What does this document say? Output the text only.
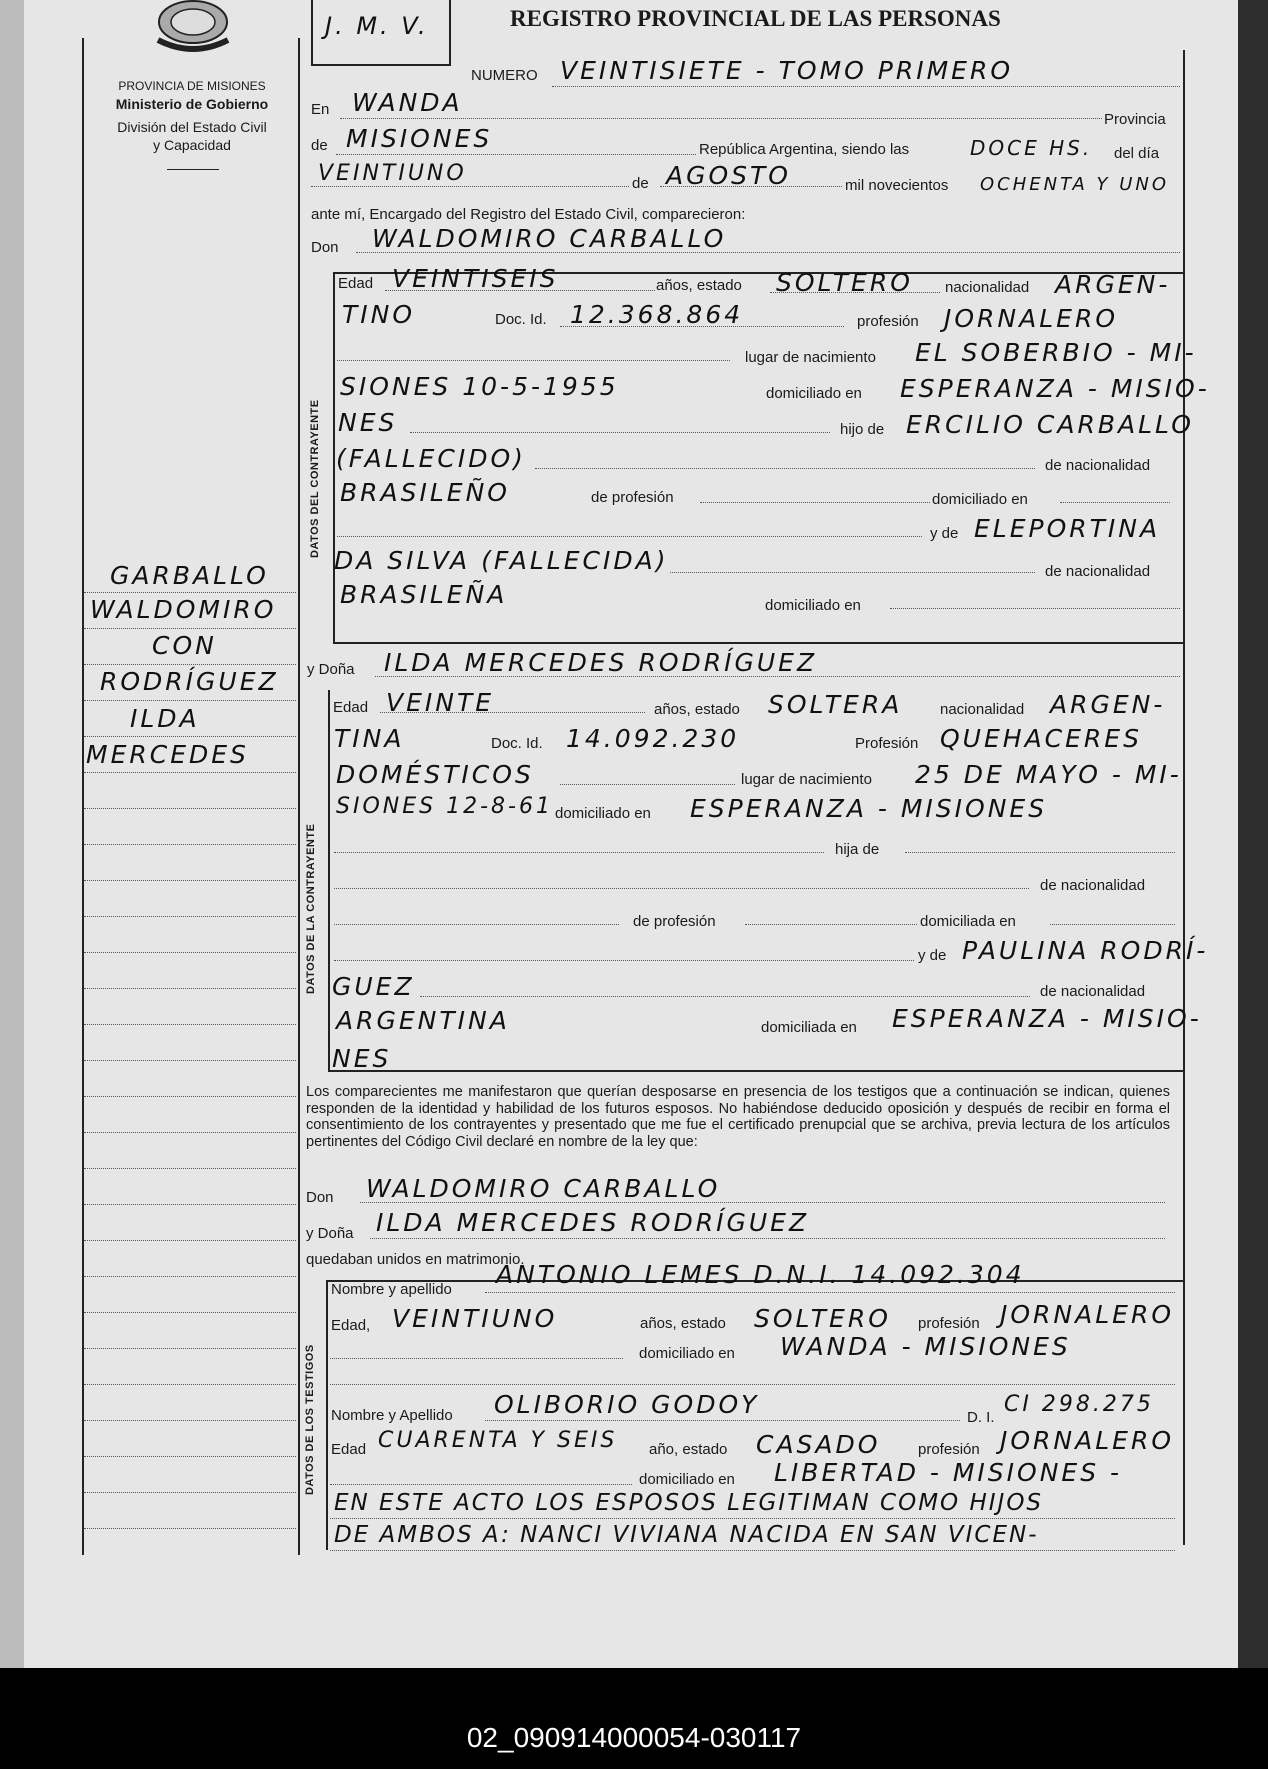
02_090914000054-030117
PROVINCIA DE MISIONES
Ministerio de Gobierno
División del Estado Civil
y Capacidad
GARBALLO
WALDOMIRO
CON
RODRÍGUEZ
ILDA
MERCEDES
J. M. V.	REGISTRO PROVINCIAL DE LAS PERSONAS
NUMERO VEINTISIETE - TOMO PRIMERO
En WANDA
Provincia
de MISIONES	República Argentina, siendo las	DOCE HS. del día
VEINTIUNO	de AGOSTO	mil novecientos OCHENTA Y UNO
ante mí, Encargado del Registro del Estado Civil, comparecieron:
Don WALDOMIRO CARBALLO
DATOS DEL CONTRAYENTE
Edad VEINTISEIS	años, estado SOLTERO nacionalidad ARGEN-
TINO	Doc. Id. 12.368.864	profesión JORNALERO
lugar de nacimiento EL SOBERBIO - MI-
SIONES 10-5-1955	domiciliado en ESPERANZA - MISIO-
NES	hijo de ERCILIO CARBALLO
(FALLECIDO)	de nacionalidad
BRASILEÑO	de profesión	domiciliado en
y de ELEPORTINA
DA SILVA (FALLECIDA)	de nacionalidad
BRASILEÑA	domiciliado en
y Doña ILDA MERCEDES RODRÍGUEZ
DATOS DE LA CONTRAYENTE
Edad VEINTE	años, estado SOLTERA	nacionalidad ARGEN-
TINA	Doc. Id. 14.092.230	Profesión QUEHACERES
DOMÉSTICOS	lugar de nacimiento 25 DE MAYO - MI-
SIONES 12-8-61 domiciliado en ESPERANZA - MISIONES
hija de
de nacionalidad
de profesión	domiciliada en
y de PAULINA RODRÍ-
GUEZ	de nacionalidad
ARGENTINA	domiciliada en ESPERANZA - MISIO-
NES
Los comparecientes me manifestaron que querían desposarse en presencia de los testigos que a continuación se indican, quienes responden de la identidad y habilidad de los futuros esposos. No habiéndose deducido oposición y después de recibir en forma el consentimiento de los contrayentes y presentado que me fue el certificado prenupcial que se archiva, previa lectura de los artículos pertinentes del Código Civil declaré en nombre de la ley que:
Don WALDOMIRO CARBALLO
y Doña ILDA MERCEDES RODRÍGUEZ
quedaban unidos en matrimonio.
DATOS DE LOS TESTIGOS
Nombre y apellido
ANTONIO LEMES D.N.I. 14.092.304
Edad, VEINTIUNO	años, estado SOLTERO profesión JORNALERO
domiciliado en WANDA - MISIONES
Nombre y Apellido OLIBORIO GODOY	D. I.
CI 298.275
Edad CUARENTA Y SEIS año, estado CASADO	profesión JORNALERO
domiciliado en LIBERTAD - MISIONES -
EN ESTE ACTO LOS ESPOSOS LEGITIMAN COMO HIJOS
DE AMBOS A: NANCI VIVIANA NACIDA EN SAN VICEN-
